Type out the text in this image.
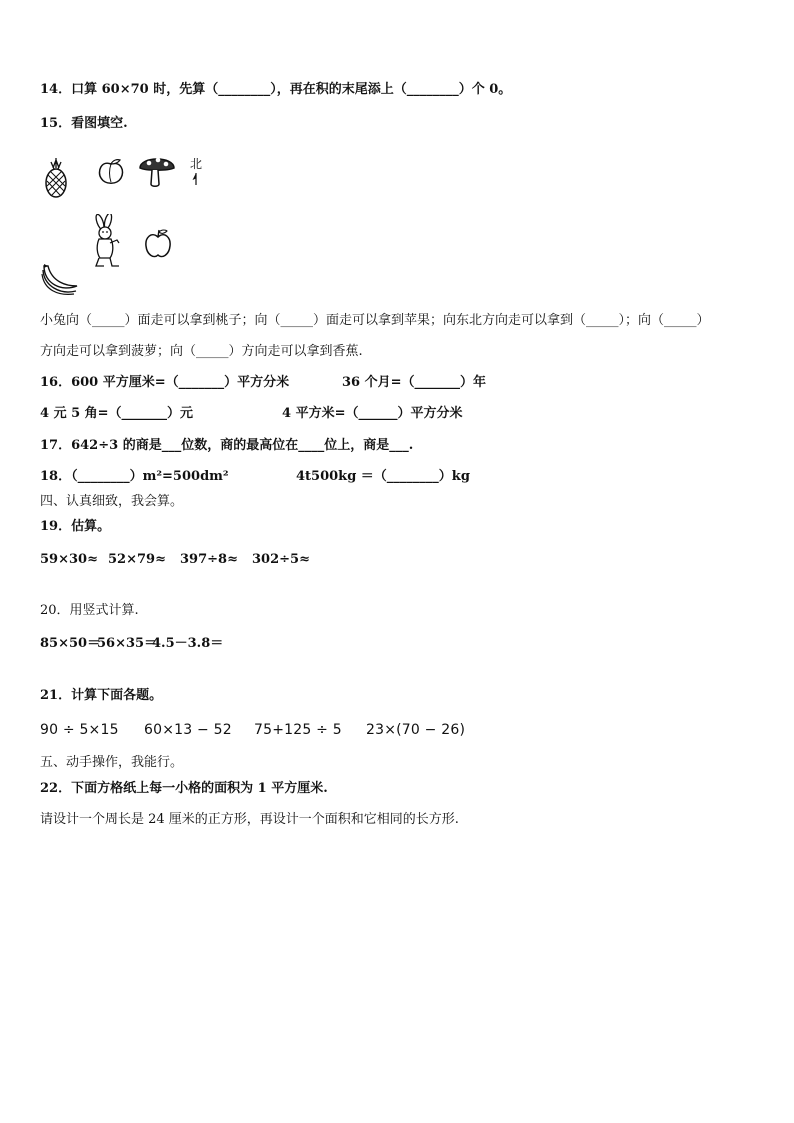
14．口算 60×70 时，先算（________），再在积的末尾添上（________）个 0。
15．看图填空.
北
小兔向（_____）面走可以拿到桃子；向（_____）面走可以拿到苹果；向东北方向走可以拿到（_____）；向（_____）
方向走可以拿到菠萝；向（_____）方向走可以拿到香蕉.
16．600 平方厘米=（_______）平方分米	36 个月=（_______）年
4 元 5 角=（_______）元	4 平方米=（______）平方分米
17．642÷3 的商是___位数，商的最高位在____位上，商是___.
18．（________）m²=500dm²	4t500kg ＝（________）kg
四、认真细致，我会算。
19．估算。
59×30≈ 52×79≈ 397÷8≈ 302÷5≈
20．用竖式计算.
85×50＝
56×35＝
4.5－3.8＝
21．计算下面各题。
90 ÷ 5×15 60×13 − 52 75+125 ÷ 5 23×(70 − 26)
五、动手操作，我能行。
22．下面方格纸上每一小格的面积为 1 平方厘米.
请设计一个周长是 24 厘米的正方形，再设计一个面积和它相同的长方形.
